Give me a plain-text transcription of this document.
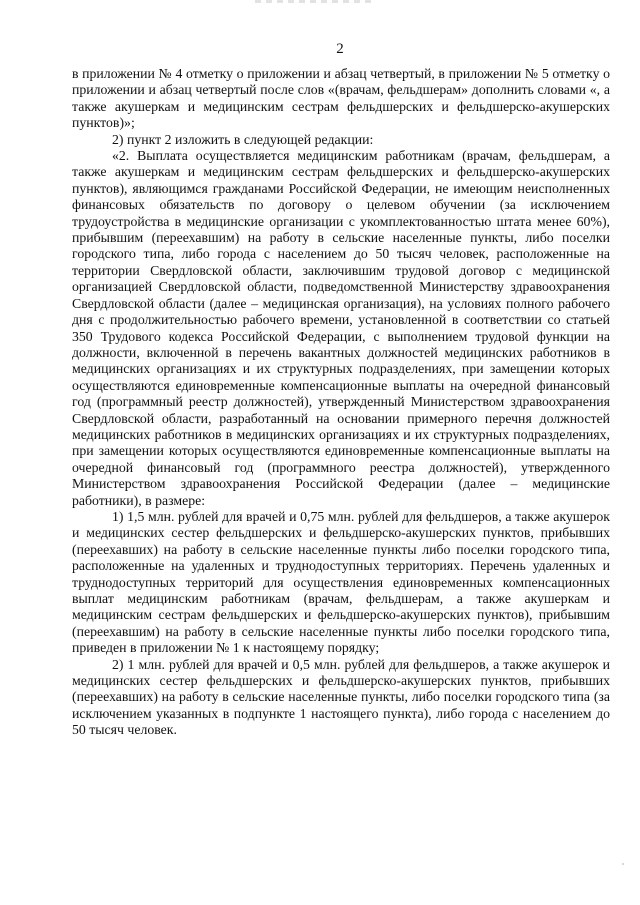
2

в приложении № 4 отметку о приложении и абзац четвертый, в приложении № 5 отметку о приложении и абзац четвертый после слов «(врачам, фельдшерам» дополнить словами «, а также акушеркам и медицинским сестрам фельдшерских и фельдшерско-акушерских пунктов)»;

2) пункт 2 изложить в следующей редакции:

«2. Выплата осуществляется медицинским работникам (врачам, фельдшерам, а также акушеркам и медицинским сестрам фельдшерских и фельдшерско-акушерских пунктов), являющимся гражданами Российской Федерации, не имеющим неисполненных финансовых обязательств по договору о целевом обучении (за исключением трудоустройства в медицинские организации с укомплектованностью штата менее 60%), прибывшим (переехавшим) на работу в сельские населенные пункты, либо поселки городского типа, либо города с населением до 50 тысяч человек, расположенные на территории Свердловской области, заключившим трудовой договор с медицинской организацией Свердловской области, подведомственной Министерству здравоохранения Свердловской области (далее – медицинская организация), на условиях полного рабочего дня с продолжительностью рабочего времени, установленной в соответствии со статьей 350 Трудового кодекса Российской Федерации, с выполнением трудовой функции на должности, включенной в перечень вакантных должностей медицинских работников в медицинских организациях и их структурных подразделениях, при замещении которых осуществляются единовременные компенсационные выплаты на очередной финансовый год (программный реестр должностей), утвержденный Министерством здравоохранения Свердловской области, разработанный на основании примерного перечня должностей медицинских работников в медицинских организациях и их структурных подразделениях, при замещении которых осуществляются единовременные компенсационные выплаты на очередной финансовый год (программного реестра должностей), утвержденного Министерством здравоохранения Российской Федерации (далее – медицинские работники), в размере:

1) 1,5 млн. рублей для врачей и 0,75 млн. рублей для фельдшеров, а также акушерок и медицинских сестер фельдшерских и фельдшерско-акушерских пунктов, прибывших (переехавших) на работу в сельские населенные пункты либо поселки городского типа, расположенные на удаленных и труднодоступных территориях. Перечень удаленных и труднодоступных территорий для осуществления единовременных компенсационных выплат медицинским работникам (врачам, фельдшерам, а также акушеркам и медицинским сестрам фельдшерских и фельдшерско-акушерских пунктов), прибывшим (переехавшим) на работу в сельские населенные пункты либо поселки городского типа, приведен в приложении № 1 к настоящему порядку;

2) 1 млн. рублей для врачей и 0,5 млн. рублей для фельдшеров, а также акушерок и медицинских сестер фельдшерских и фельдшерско-акушерских пунктов, прибывших (переехавших) на работу в сельские населенные пункты, либо поселки городского типа (за исключением указанных в подпункте 1 настоящего пункта), либо города с населением до 50 тысяч человек.
